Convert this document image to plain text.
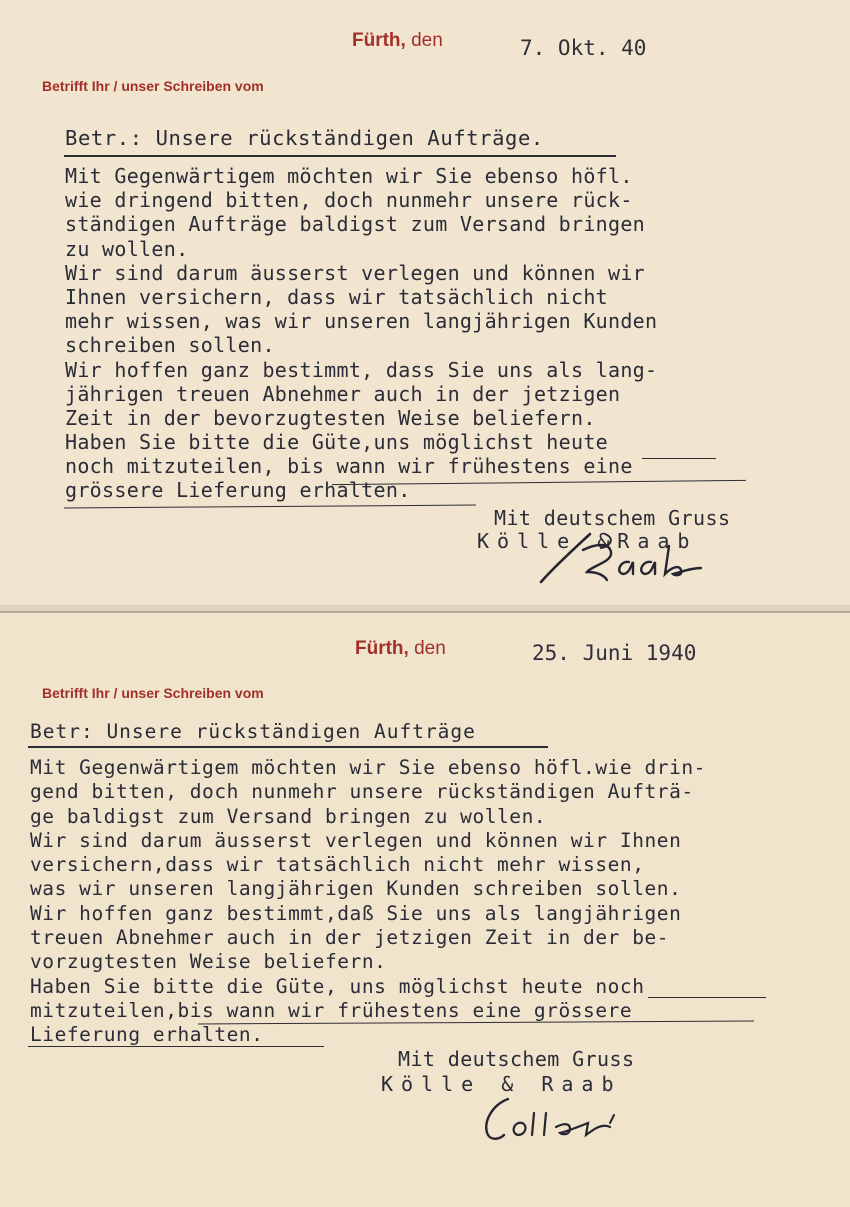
Fürth, den	7. Okt. 40
Betrifft Ihr / unser Schreiben vom
Betr.: Unsere rückständigen Aufträge.
Mit Gegenwärtigem möchten wir Sie ebenso höfl.
wie dringend bitten, doch nunmehr unsere rück-
ständigen Aufträge baldigst zum Versand bringen
zu wollen.
Wir sind darum äusserst verlegen und können wir
Ihnen versichern, dass wir tatsächlich nicht
mehr wissen, was wir unseren langjährigen Kunden
schreiben sollen.
Wir hoffen ganz bestimmt, dass Sie uns als lang-
jährigen treuen Abnehmer auch in der jetzigen
Zeit in der bevorzugtesten Weise beliefern.
Haben Sie bitte die Güte,uns möglichst heute
noch mitzuteilen, bis wann wir frühestens eine
grössere Lieferung erhalten.
Mit deutschem Gruss
Kölle &Raab
Fürth, den	25. Juni 1940
Betrifft Ihr / unser Schreiben vom
Betr: Unsere rückständigen Aufträge
Mit Gegenwärtigem möchten wir Sie ebenso höfl.wie drin-
gend bitten, doch nunmehr unsere rückständigen Aufträ-
ge baldigst zum Versand bringen zu wollen.
Wir sind darum äusserst verlegen und können wir Ihnen
versichern,dass wir tatsächlich nicht mehr wissen,
was wir unseren langjährigen Kunden schreiben sollen.
Wir hoffen ganz bestimmt,daß Sie uns als langjährigen
treuen Abnehmer auch in der jetzigen Zeit in der be-
vorzugtesten Weise beliefern.
Haben Sie bitte die Güte, uns möglichst heute noch
mitzuteilen,bis wann wir frühestens eine grössere
Lieferung erhalten.
Mit deutschem Gruss
Kölle & Raab
